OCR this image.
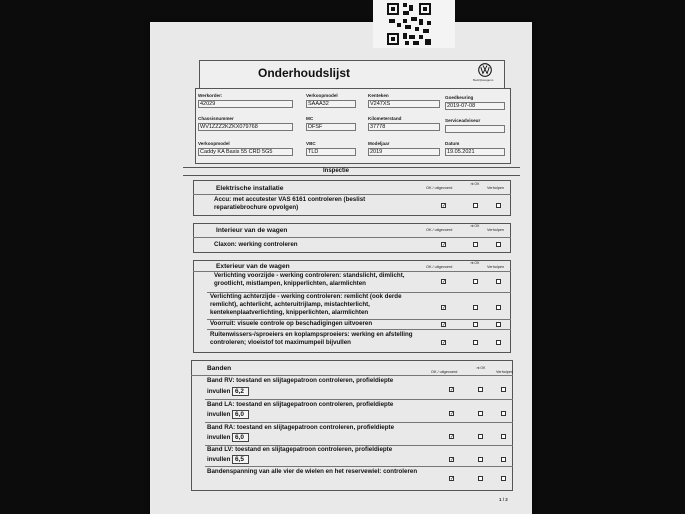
Onderhoudslijst	Bedrijfswagens
Werkorder:
42029
Verkoopmodel
SAAA32
Kenteken
V247XS
Goedkeuring
2019-07-08
Chassisnummer
WV1ZZZ2KZKX079768
MC
DFSF
Kilometerstand
37778
Serviceadviseur
Verkoopmodel
Caddy KA Basis 55 CRD 5G5
VBC
TLD
Modeljaar
2019
Datum
19.05.2021
Inspectie
Elektrische installatie	OK / uitgevoerd
nt OK
Verholpen
Accu: met accutester VAS 6161 controleren (beslist reparatiebrochure opvolgen)	✓
Interieur van de wagen	OK / uitgevoerd
nt OK
Verholpen
Claxon: werking controleren	✓
Exterieur van de wagen	OK / uitgevoerd
nt OK
Verholpen
Verlichting voorzijde - werking controleren: standslicht, dimlicht, grootlicht, mistlampen, knipperlichten, alarmlichten	✓
Verlichting achterzijde - werking controleren: remlicht (ook derde remlicht), achterlicht, achteruitrijlamp, mistachterlicht, kentekenplaatverlichting, knipperlichten, alarmlichten
✓
Voorruit: visuele controle op beschadigingen uitvoeren	✓
Ruitenwissers-/sproeiers en koplampsproeiers: werking en afstelling controleren; vloeistof tot maximumpeil bijvullen	✓
Banden	OK / uitgevoerd
nt OK
Verholpen
Band RV: toestand en slijtagepatroon controleren, profieldiepte
invullen 6,2	✓
Band LA: toestand en slijtagepatroon controleren, profieldiepte
invullen 6,0	✓
Band RA: toestand en slijtagepatroon controleren, profieldiepte
invullen 6,0	✓
Band LV: toestand en slijtagepatroon controleren, profieldiepte
invullen 6,5	✓
Bandenspanning van alle vier de wielen en het reservewiel: controleren
✓
1 / 2
